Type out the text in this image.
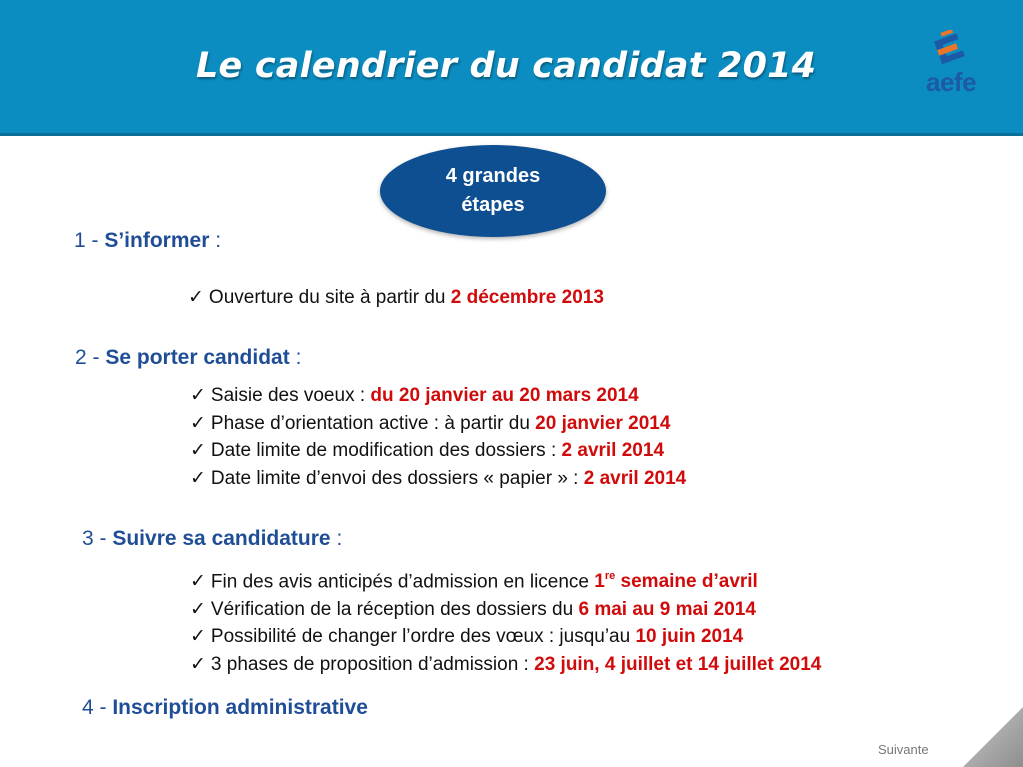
Le calendrier du candidat 2014	aefe
4 grandes
étapes
1 - S’informer :
✓ Ouverture du site à partir du 2 décembre 2013
2 - Se porter candidat :
✓ Saisie des voeux : du 20 janvier au 20 mars 2014
✓ Phase d’orientation active : à partir du 20 janvier 2014
✓ Date limite de modification des dossiers : 2 avril 2014
✓ Date limite d’envoi des dossiers « papier » : 2 avril 2014
3 - Suivre sa candidature :
✓ Fin des avis anticipés d’admission en licence 1re semaine d’avril
✓ Vérification de la réception des dossiers du 6 mai au 9 mai 2014
✓ Possibilité de changer l’ordre des vœux : jusqu’au 10 juin 2014
✓ 3 phases de proposition d’admission : 23 juin, 4 juillet et 14 juillet 2014
4 - Inscription administrative
Suivante
